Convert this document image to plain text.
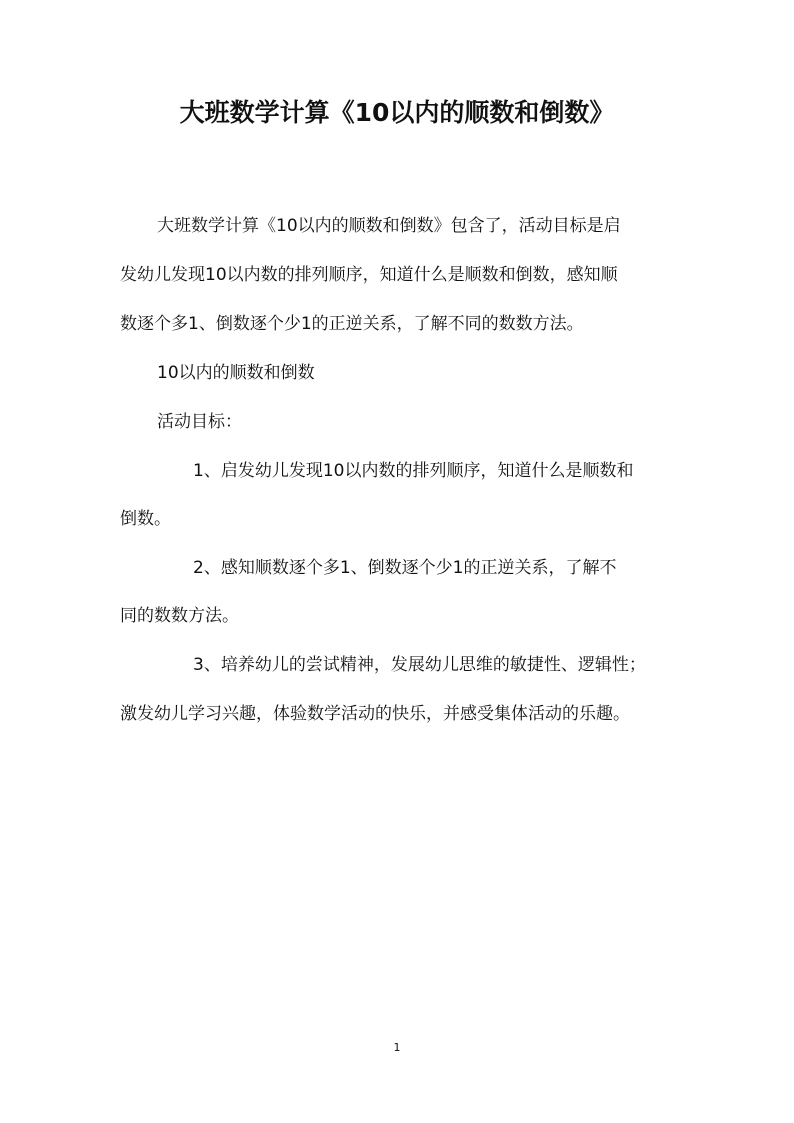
大班数学计算《10以内的顺数和倒数》
大班数学计算《10以内的顺数和倒数》包含了，活动目标是启
发幼儿发现10以内数的排列顺序，知道什么是顺数和倒数，感知顺
数逐个多1、倒数逐个少1的正逆关系，了解不同的数数方法。
10以内的顺数和倒数
活动目标：
1、启发幼儿发现10以内数的排列顺序，知道什么是顺数和
倒数。
2、感知顺数逐个多1、倒数逐个少1的正逆关系，了解不
同的数数方法。
3、培养幼儿的尝试精神，发展幼儿思维的敏捷性、逻辑性；
激发幼儿学习兴趣，体验数学活动的快乐，并感受集体活动的乐趣。
1
